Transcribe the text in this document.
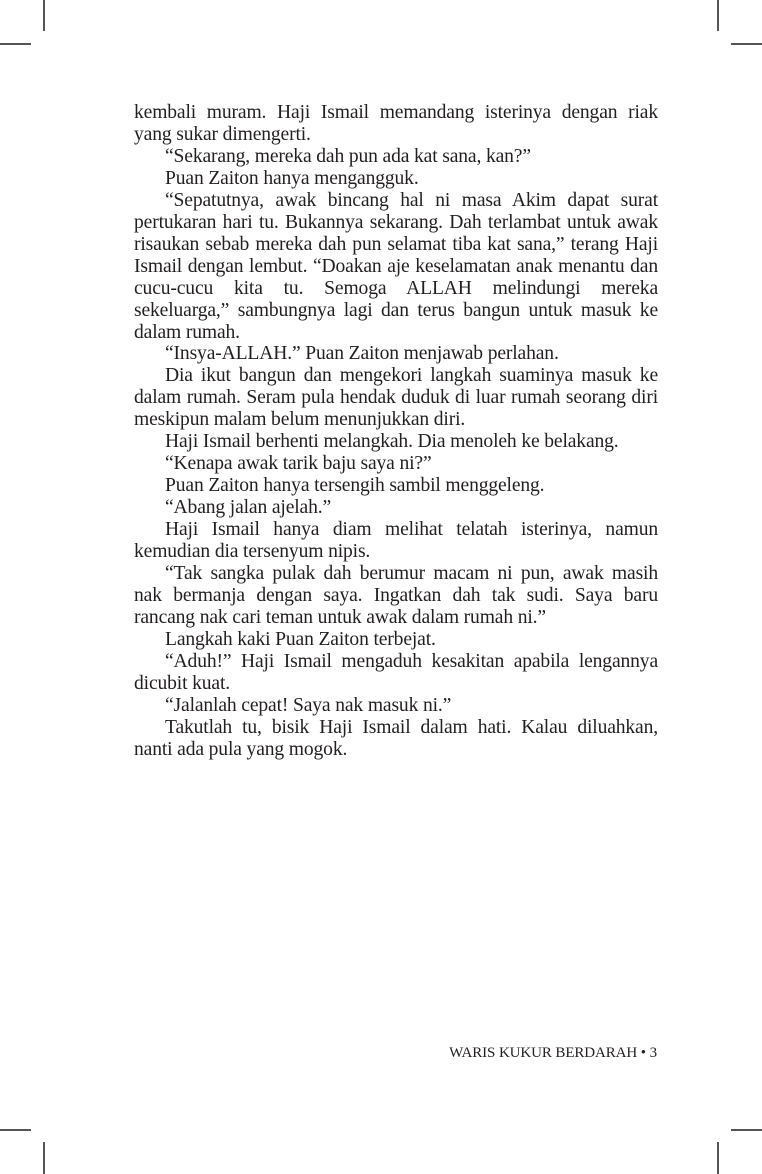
kembali muram. Haji Ismail memandang isterinya dengan riak yang sukar dimengerti.

“Sekarang, mereka dah pun ada kat sana, kan?”

Puan Zaiton hanya mengangguk.

“Sepatutnya, awak bincang hal ni masa Akim dapat surat pertukaran hari tu. Bukannya sekarang. Dah terlambat untuk awak risaukan sebab mereka dah pun selamat tiba kat sana,” terang Haji Ismail dengan lembut. “Doakan aje keselamatan anak menantu dan cucu-cucu kita tu. Semoga ALLAH melindungi mereka sekeluarga,” sambungnya lagi dan terus bangun untuk masuk ke dalam rumah.

“Insya-ALLAH.” Puan Zaiton menjawab perlahan.

Dia ikut bangun dan mengekori langkah suaminya masuk ke dalam rumah. Seram pula hendak duduk di luar rumah seorang diri meskipun malam belum menunjukkan diri.

Haji Ismail berhenti melangkah. Dia menoleh ke belakang.

“Kenapa awak tarik baju saya ni?”

Puan Zaiton hanya tersengih sambil menggeleng.

“Abang jalan ajelah.”

Haji Ismail hanya diam melihat telatah isterinya, namun kemudian dia tersenyum nipis.

“Tak sangka pulak dah berumur macam ni pun, awak masih nak bermanja dengan saya. Ingatkan dah tak sudi. Saya baru rancang nak cari teman untuk awak dalam rumah ni.”

Langkah kaki Puan Zaiton terbejat.

“Aduh!” Haji Ismail mengaduh kesakitan apabila lengannya dicubit kuat.

“Jalanlah cepat! Saya nak masuk ni.”

Takutlah tu, bisik Haji Ismail dalam hati. Kalau diluahkan, nanti ada pula yang mogok.

WARIS KUKUR BERDARAH • 3
